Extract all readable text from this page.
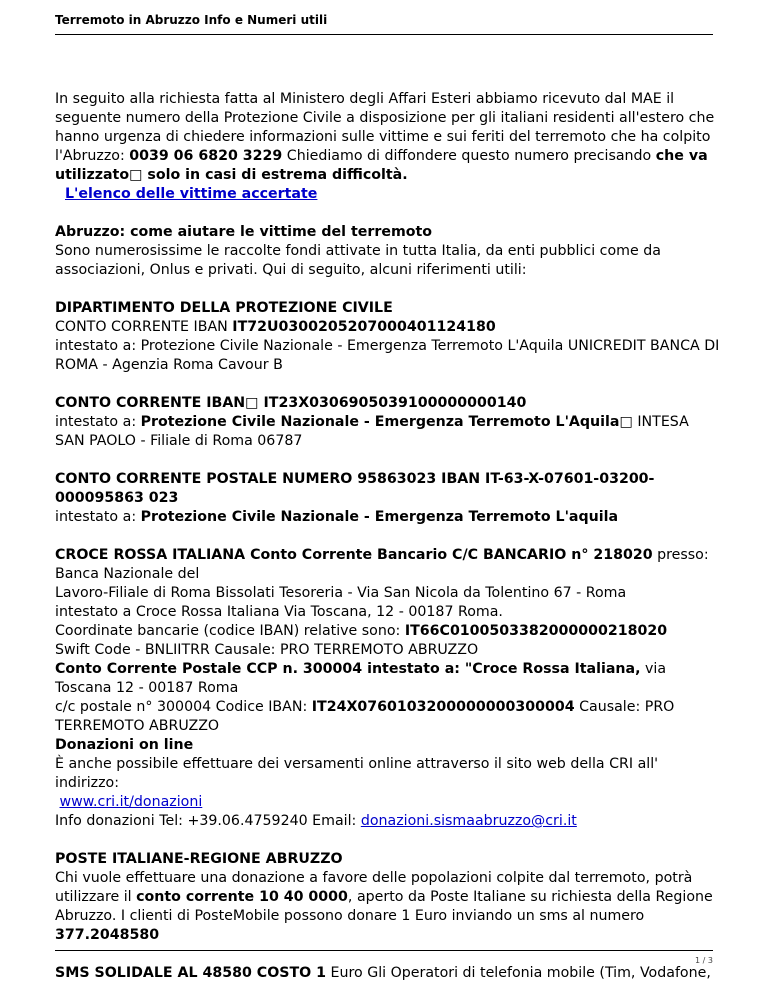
Terremoto in Abruzzo Info e Numeri utili
In seguito alla richiesta fatta al Ministero degli Affari Esteri abbiamo ricevuto dal MAE il seguente numero della Protezione Civile a disposizione per gli italiani residenti all'estero che hanno urgenza di chiedere informazioni sulle vittime e sui feriti del terremoto che ha colpito l'Abruzzo: 0039 06 6820 3229 Chiediamo di diffondere questo numero precisando che va utilizzato□ solo in casi di estrema difficoltà.
L'elenco delle vittime accertate
Abruzzo: come aiutare le vittime del terremoto
Sono numerosissime le raccolte fondi attivate in tutta Italia, da enti pubblici come da associazioni, Onlus e privati. Qui di seguito, alcuni riferimenti utili:
DIPARTIMENTO DELLA PROTEZIONE CIVILE
CONTO CORRENTE IBAN IT72U0300205207000401124180
intestato a: Protezione Civile Nazionale - Emergenza Terremoto L'Aquila UNICREDIT BANCA DI ROMA - Agenzia Roma Cavour B
CONTO CORRENTE IBAN□ IT23X0306905039100000000140
intestato a: Protezione Civile Nazionale - Emergenza Terremoto L'Aquila□ INTESA SAN PAOLO - Filiale di Roma 06787
CONTO CORRENTE POSTALE NUMERO 95863023 IBAN IT-63-X-07601-03200-000095863 023
intestato a: Protezione Civile Nazionale - Emergenza Terremoto L'aquila
CROCE ROSSA ITALIANA Conto Corrente Bancario C/C BANCARIO n° 218020 presso: Banca Nazionale del
Lavoro-Filiale di Roma Bissolati Tesoreria - Via San Nicola da Tolentino 67 - Roma
intestato a Croce Rossa Italiana Via Toscana, 12 - 00187 Roma.
Coordinate bancarie (codice IBAN) relative sono: IT66C0100503382000000218020
Swift Code - BNLIITRR Causale: PRO TERREMOTO ABRUZZO
Conto Corrente Postale CCP n. 300004 intestato a: "Croce Rossa Italiana, via Toscana 12 - 00187 Roma
c/c postale n° 300004 Codice IBAN: IT24X0760103200000000300004 Causale: PRO TERREMOTO ABRUZZO
Donazioni on line
È anche possibile effettuare dei versamenti online attraverso il sito web della CRI all' indirizzo:
www.cri.it/donazioni
Info donazioni Tel: +39.06.4759240 Email: donazioni.sismaabruzzo@cri.it
POSTE ITALIANE-REGIONE ABRUZZO
Chi vuole effettuare una donazione a favore delle popolazioni colpite dal terremoto, potrà utilizzare il conto corrente 10 40 0000, aperto da Poste Italiane su richiesta della Regione Abruzzo. I clienti di PosteMobile possono donare 1 Euro inviando un sms al numero 377.2048580
SMS SOLIDALE AL 48580 COSTO 1 Euro Gli Operatori di telefonia mobile (Tim, Vodafone,
1 / 3
